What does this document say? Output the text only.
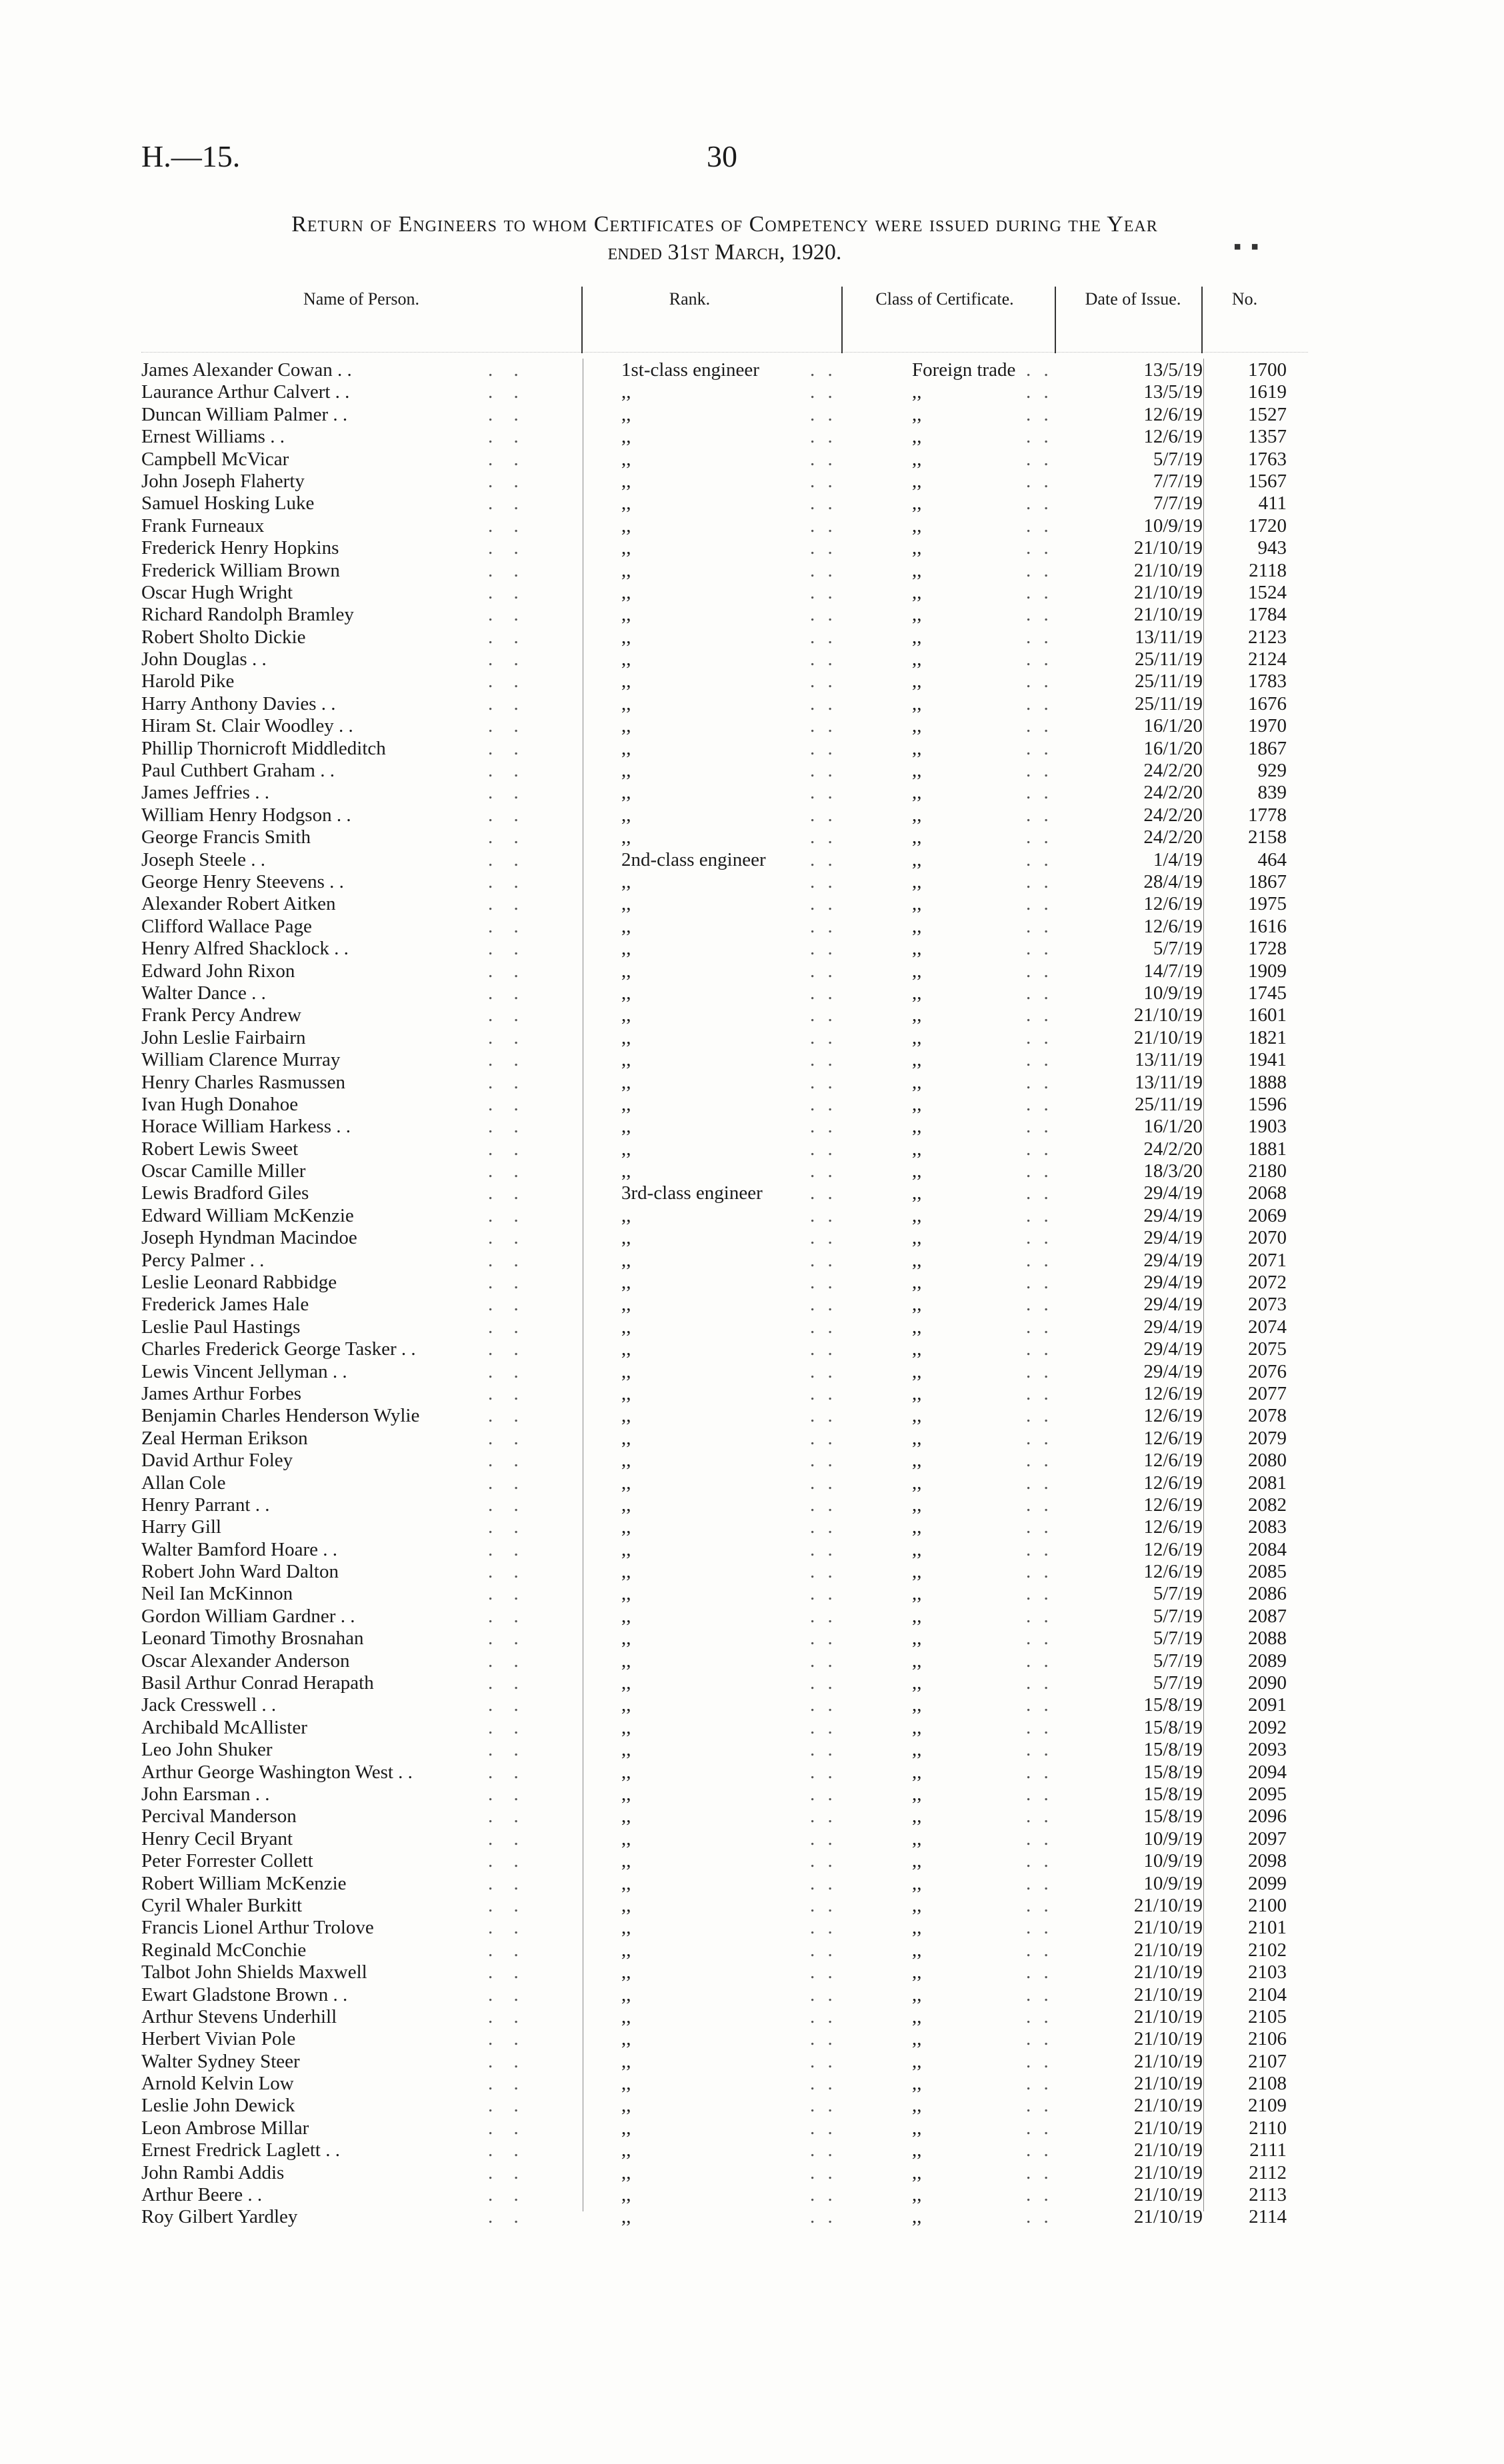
H.—15.	30
Return of Engineers to whom Certificates of Competency were issued during the Year
ended 31st March, 1920.	▪▪
Name of Person.	Rank.	Class of Certificate.	Date of Issue.	No.
James Alexander Cowan . .	1st-class engineer	Foreign trade	13/5/19	1700
. .	. .	. .
Laurance Arthur Calvert . .	,,	,,	13/5/19	1619
. .	. .	. .
Duncan William Palmer . .	,,	,,	12/6/19	1527
. .	. .	. .
Ernest Williams . .	,,	,,	12/6/19	1357
. .	. .	. .
Campbell McVicar	,,	,,	5/7/19	1763
. .	. .	. .
John Joseph Flaherty	,,	,,	7/7/19	1567
. .	. .	. .
Samuel Hosking Luke	,,	,,	7/7/19	411
. .	. .	. .
Frank Furneaux	,,	,,	10/9/19	1720
. .	. .	. .
Frederick Henry Hopkins	,,	,,	21/10/19	943
. .	. .	. .
Frederick William Brown	,,	,,	21/10/19	2118
. .	. .	. .
Oscar Hugh Wright	,,	,,	21/10/19	1524
. .	. .	. .
Richard Randolph Bramley	,,	,,	21/10/19	1784
. .	. .	. .
Robert Sholto Dickie	,,	,,	13/11/19	2123
. .	. .	. .
John Douglas . .	,,	,,	25/11/19	2124
. .	. .	. .
Harold Pike	,,	,,	25/11/19	1783
. .	. .	. .
Harry Anthony Davies . .	,,	,,	25/11/19	1676
. .	. .	. .
Hiram St. Clair Woodley . .	,,	,,	16/1/20	1970
. .	. .	. .
Phillip Thornicroft Middleditch	,,	,,	16/1/20	1867
. .	. .	. .
Paul Cuthbert Graham . .	,,	,,	24/2/20	929
. .	. .	. .
James Jeffries . .	,,	,,	24/2/20	839
. .	. .	. .
William Henry Hodgson . .	,,	,,	24/2/20	1778
. .	. .	. .
George Francis Smith	,,	,,	24/2/20	2158
. .	. .	. .
Joseph Steele . .	2nd-class engineer	,,	1/4/19	464
. .	. .	. .
George Henry Steevens . .	,,	,,	28/4/19	1867
. .	. .	. .
Alexander Robert Aitken	,,	,,	12/6/19	1975
. .	. .	. .
Clifford Wallace Page	,,	,,	12/6/19	1616
. .	. .	. .
Henry Alfred Shacklock . .	,,	,,	5/7/19	1728
. .	. .	. .
Edward John Rixon	,,	,,	14/7/19	1909
. .	. .	. .
Walter Dance . .	,,	,,	10/9/19	1745
. .	. .	. .
Frank Percy Andrew	,,	,,	21/10/19	1601
. .	. .	. .
John Leslie Fairbairn	,,	,,	21/10/19	1821
. .	. .	. .
William Clarence Murray	,,	,,	13/11/19	1941
. .	. .	. .
Henry Charles Rasmussen	,,	,,	13/11/19	1888
. .	. .	. .
Ivan Hugh Donahoe	,,	,,	25/11/19	1596
. .	. .	. .
Horace William Harkess . .	,,	,,	16/1/20	1903
. .	. .	. .
Robert Lewis Sweet	,,	,,	24/2/20	1881
. .	. .	. .
Oscar Camille Miller	,,	,,	18/3/20	2180
. .	. .	. .
Lewis Bradford Giles	3rd-class engineer	,,	29/4/19	2068
. .	. .	. .
Edward William McKenzie	,,	,,	29/4/19	2069
. .	. .	. .
Joseph Hyndman Macindoe	,,	,,	29/4/19	2070
. .	. .	. .
Percy Palmer . .	,,	,,	29/4/19	2071
. .	. .	. .
Leslie Leonard Rabbidge	,,	,,	29/4/19	2072
. .	. .	. .
Frederick James Hale	,,	,,	29/4/19	2073
. .	. .	. .
Leslie Paul Hastings	,,	,,	29/4/19	2074
. .	. .	. .
Charles Frederick George Tasker . .	,,	,,	29/4/19	2075
. .	. .	. .
Lewis Vincent Jellyman . .	,,	,,	29/4/19	2076
. .	. .	. .
James Arthur Forbes	,,	,,	12/6/19	2077
. .	. .	. .
Benjamin Charles Henderson Wylie	,,	,,	12/6/19	2078
. .	. .	. .
Zeal Herman Erikson	,,	,,	12/6/19	2079
. .	. .	. .
David Arthur Foley	,,	,,	12/6/19	2080
. .	. .	. .
Allan Cole	,,	,,	12/6/19	2081
. .	. .	. .
Henry Parrant . .	,,	,,	12/6/19	2082
. .	. .	. .
Harry Gill	,,	,,	12/6/19	2083
. .	. .	. .
Walter Bamford Hoare . .	,,	,,	12/6/19	2084
. .	. .	. .
Robert John Ward Dalton	,,	,,	12/6/19	2085
. .	. .	. .
Neil Ian McKinnon	,,	,,	5/7/19	2086
. .	. .	. .
Gordon William Gardner . .	,,	,,	5/7/19	2087
. .	. .	. .
Leonard Timothy Brosnahan	,,	,,	5/7/19	2088
. .	. .	. .
Oscar Alexander Anderson	,,	,,	5/7/19	2089
. .	. .	. .
Basil Arthur Conrad Herapath	,,	,,	5/7/19	2090
. .	. .	. .
Jack Cresswell . .	,,	,,	15/8/19	2091
. .	. .	. .
Archibald McAllister	,,	,,	15/8/19	2092
. .	. .	. .
Leo John Shuker	,,	,,	15/8/19	2093
. .	. .	. .
Arthur George Washington West . .	,,	,,	15/8/19	2094
. .	. .	. .
John Earsman . .	,,	,,	15/8/19	2095
. .	. .	. .
Percival Manderson	,,	,,	15/8/19	2096
. .	. .	. .
Henry Cecil Bryant	,,	,,	10/9/19	2097
. .	. .	. .
Peter Forrester Collett	,,	,,	10/9/19	2098
. .	. .	. .
Robert William McKenzie	,,	,,	10/9/19	2099
. .	. .	. .
Cyril Whaler Burkitt	,,	,,	21/10/19	2100
. .	. .	. .
Francis Lionel Arthur Trolove	,,	,,	21/10/19	2101
. .	. .	. .
Reginald McConchie	,,	,,	21/10/19	2102
. .	. .	. .
Talbot John Shields Maxwell	,,	,,	21/10/19	2103
. .	. .	. .
Ewart Gladstone Brown . .	,,	,,	21/10/19	2104
. .	. .	. .
Arthur Stevens Underhill	,,	,,	21/10/19	2105
. .	. .	. .
Herbert Vivian Pole	,,	,,	21/10/19	2106
. .	. .	. .
Walter Sydney Steer	,,	,,	21/10/19	2107
. .	. .	. .
Arnold Kelvin Low	,,	,,	21/10/19	2108
. .	. .	. .
Leslie John Dewick	,,	,,	21/10/19	2109
. .	. .	. .
Leon Ambrose Millar	,,	,,	21/10/19	2110
. .	. .	. .
Ernest Fredrick Laglett . .	,,	,,	21/10/19	2111
. .	. .	. .
John Rambi Addis	,,	,,	21/10/19	2112
. .	. .	. .
Arthur Beere . .	,,	,,	21/10/19	2113
. .	. .	. .
Roy Gilbert Yardley	,,	,,	21/10/19	2114
. .	. .	. .
